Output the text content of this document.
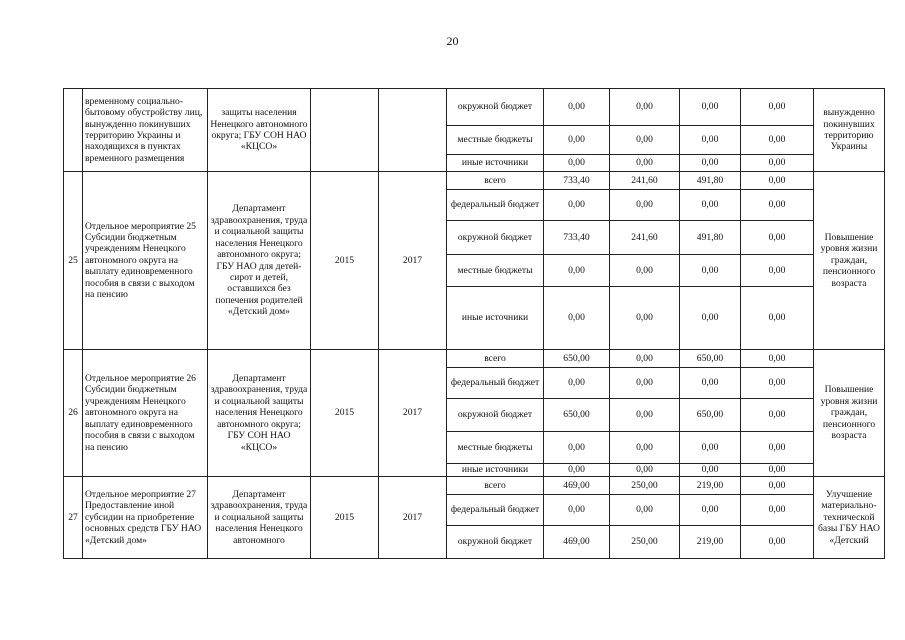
20
	временному социально-бытовому обустройству лиц, вынужденно покинувших территорию Украины и находящихся в пунктах временного размещения	защиты населения Ненецкого автономного округа; ГБУ СОН НАО «КЦСО»			окружной бюджет	0,00	0,00	0,00	0,00	вынужденно покинувших территорию Украины
					местные бюджеты	0,00	0,00	0,00	0,00	
					иные источники	0,00	0,00	0,00	0,00	
25	Отдельное мероприятие 25 Субсидии бюджетным учреждениям Ненецкого автономного округа на выплату единовременного пособия в связи с выходом на пенсию	Департамент здравоохранения, труда и социальной защиты населения Ненецкого автономного округа; ГБУ НАО для детей-сирот и детей, оставшихся без попечения родителей «Детский дом»	2015	2017	всего	733,40	241,60	491,80	0,00	Повышение уровня жизни граждан, пенсионного возраста
					федеральный бюджет	0,00	0,00	0,00	0,00	
					окружной бюджет	733,40	241,60	491,80	0,00	
					местные бюджеты	0,00	0,00	0,00	0,00	
					иные источники	0,00	0,00	0,00	0,00	
26	Отдельное мероприятие 26 Субсидии бюджетным учреждениям Ненецкого автономного округа на выплату единовременного пособия в связи с выходом на пенсию	Департамент здравоохранения, труда и социальной защиты населения Ненецкого автономного округа; ГБУ СОН НАО «КЦСО»	2015	2017	всего	650,00	0,00	650,00	0,00	Повышение уровня жизни граждан, пенсионного возраста
					федеральный бюджет	0,00	0,00	0,00	0,00	
					окружной бюджет	650,00	0,00	650,00	0,00	
					местные бюджеты	0,00	0,00	0,00	0,00	
					иные источники	0,00	0,00	0,00	0,00	
27	Отдельное мероприятие 27 Предоставление иной субсидии на приобретение основных средств ГБУ НАО «Детский дом»	Департамент здравоохранения, труда и социальной защиты населения Ненецкого автономного	2015	2017	всего	469,00	250,00	219,00	0,00	Улучшение материально-технической базы ГБУ НАО «Детский
					федеральный бюджет	0,00	0,00	0,00	0,00	
					окружной бюджет	469,00	250,00	219,00	0,00	
